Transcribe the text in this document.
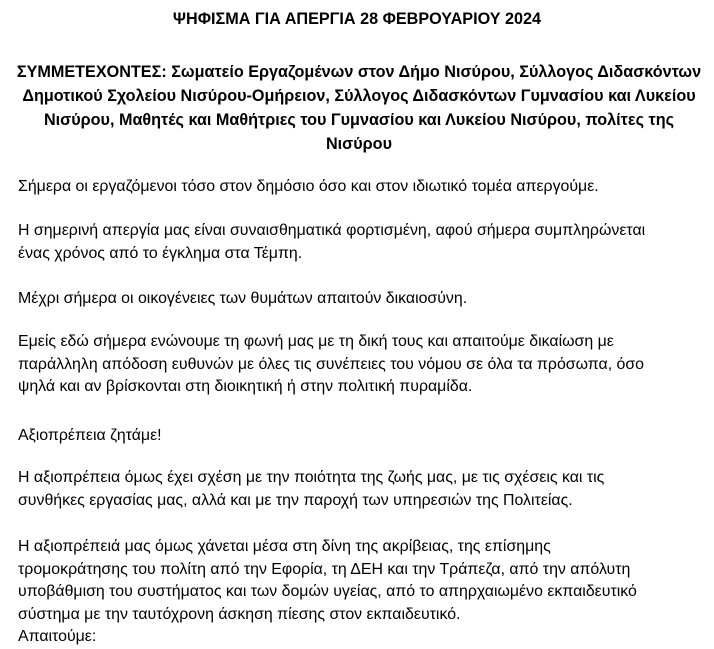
ΨΗΦΙΣΜΑ ΓΙΑ ΑΠΕΡΓΙΑ 28 ΦΕΒΡΟΥΑΡΙΟΥ 2024
ΣΥΜΜΕΤΕΧΟΝΤΕΣ: Σωματείο Εργαζομένων στον Δήμο Νισύρου, Σύλλογος Διδασκόντων
Δημοτικού Σχολείου Νισύρου-Ομήρειον, Σύλλογος Διδασκόντων Γυμνασίου και Λυκείου
Νισύρου, Μαθητές και Μαθήτριες του Γυμνασίου και Λυκείου Νισύρου, πολίτες της
Νισύρου
Σήμερα οι εργαζόμενοι τόσο στον δημόσιο όσο και στον ιδιωτικό τομέα απεργούμε.
Η σημερινή απεργία μας είναι συναισθηματικά φορτισμένη, αφού σήμερα συμπληρώνεται
ένας χρόνος από το έγκλημα στα Τέμπη.
Μέχρι σήμερα οι οικογένειες των θυμάτων απαιτούν δικαιοσύνη.
Εμείς εδώ σήμερα ενώνουμε τη φωνή μας με τη δική τους και απαιτούμε δικαίωση με
παράλληλη απόδοση ευθυνών με όλες τις συνέπειες του νόμου σε όλα τα πρόσωπα, όσο
ψηλά και αν βρίσκονται στη διοικητική ή στην πολιτική πυραμίδα.
Αξιοπρέπεια ζητάμε!
Η αξιοπρέπεια όμως έχει σχέση με την ποιότητα της ζωής μας, με τις σχέσεις και τις
συνθήκες εργασίας μας, αλλά και με την παροχή των υπηρεσιών της Πολιτείας.
Η αξιοπρέπειά μας όμως χάνεται μέσα στη δίνη της ακρίβειας, της επίσημης
τρομοκράτησης του πολίτη από την Εφορία, τη ΔΕΗ και την Τράπεζα, από την απόλυτη
υποβάθμιση του συστήματος και των δομών υγείας, από το απηρχαιωμένο εκπαιδευτικό
σύστημα με την ταυτόχρονη άσκηση πίεσης στον εκπαιδευτικό.
Απαιτούμε:
